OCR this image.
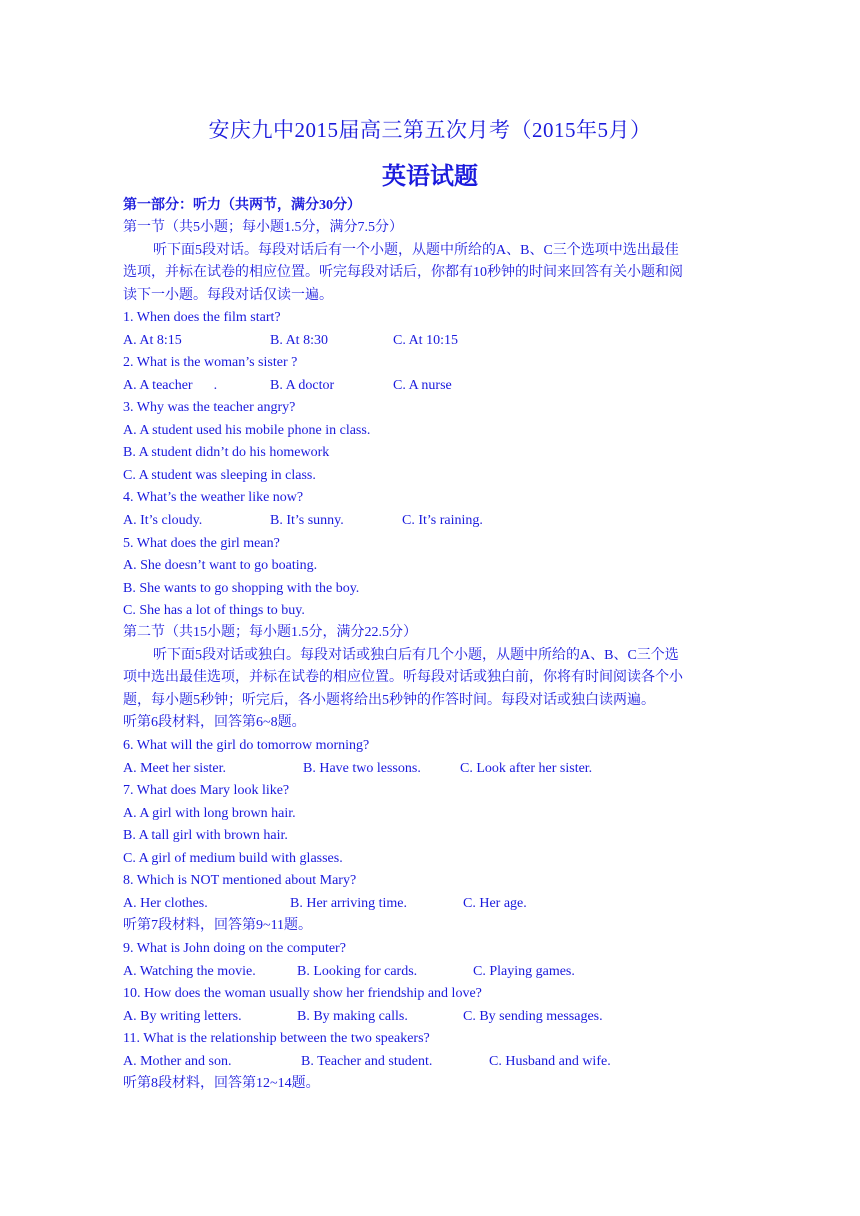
安庆九中2015届高三第五次月考（2015年5月）
英语试题
第一部分：听力（共两节，满分30分）
第一节（共5小题；每小题1.5分，满分7.5分）
听下面5段对话。每段对话后有一个小题，从题中所给的A、B、C三个选项中选出最佳
选项，并标在试卷的相应位置。听完每段对话后，你都有10秒钟的时间来回答有关小题和阅
读下一小题。每段对话仅读一遍。
1. When does the film start?
A. At 8:15	B. At 8:30	C. At 10:15
2. What is the woman’s sister ?
A. A teacher      .	B. A doctor	C. A nurse
3. Why was the teacher angry?
A. A student used his mobile phone in class.
B. A student didn’t do his homework
C. A student was sleeping in class.
4. What’s the weather like now?
A. It’s cloudy.	B. It’s sunny.	C. It’s raining.
5. What does the girl mean?
A. She doesn’t want to go boating.
B. She wants to go shopping with the boy.
C. She has a lot of things to buy.
第二节（共15小题；每小题1.5分，满分22.5分）
听下面5段对话或独白。每段对话或独白后有几个小题，从题中所给的A、B、C三个选
项中选出最佳选项，并标在试卷的相应位置。听每段对话或独白前，你将有时间阅读各个小
题，每小题5秒钟；听完后，各小题将给出5秒钟的作答时间。每段对话或独白读两遍。
听第6段材料，回答第6~8题。
6. What will the girl do tomorrow morning?
A. Meet her sister.	B. Have two lessons.	C. Look after her sister.
7. What does Mary look like?
A. A girl with long brown hair.
B. A tall girl with brown hair.
C. A girl of medium build with glasses.
8. Which is NOT mentioned about Mary?
A. Her clothes.	B. Her arriving time.	C. Her age.
听第7段材料，回答第9~11题。
9. What is John doing on the computer?
A. Watching the movie.	B. Looking for cards.	C. Playing games.
10. How does the woman usually show her friendship and love?
A. By writing letters.	B. By making calls.	C. By sending messages.
11. What is the relationship between the two speakers?
A. Mother and son.	B. Teacher and student.	C. Husband and wife.
听第8段材料，回答第12~14题。
